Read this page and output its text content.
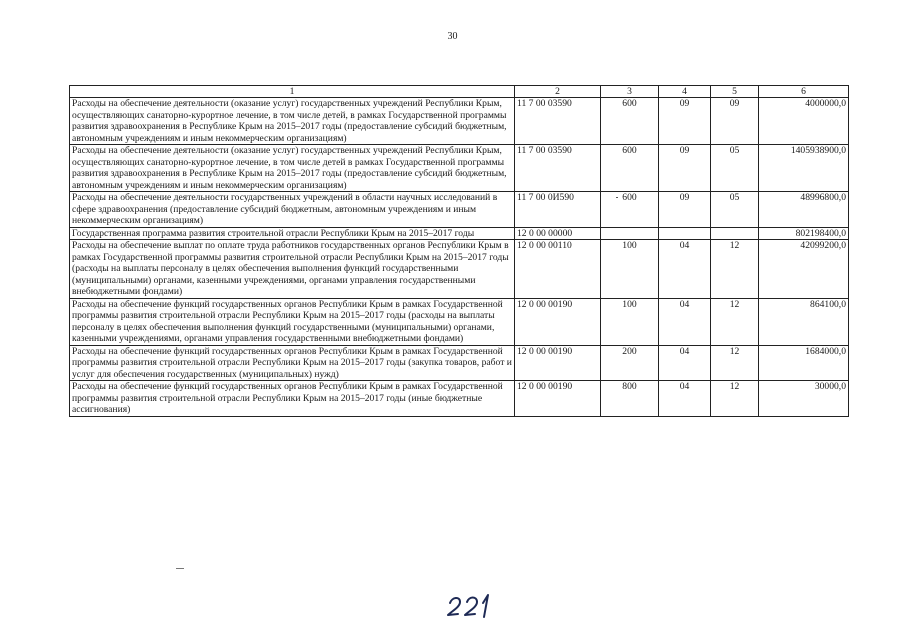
30
1	2	3	4	5	6
Расходы на обеспечение деятельности (оказание услуг) государственных учреждений Республики Крым, осуществляющих санаторно-курортное лечение, в том числе детей, в рамках Государственной программы развития здравоохранения в Республике Крым на 2015–2017 годы (предоставление субсидий бюджетным, автономным учреждениям и иным некоммерческим организациям)	11 7 00 03590	600	09	09	4000000,0
Расходы на обеспечение деятельности (оказание услуг) государственных учреждений Республики Крым, осуществляющих санаторно-курортное лечение, в том числе детей в рамках Государственной программы развития здравоохранения в Республике Крым на 2015–2017 годы (предоставление субсидий бюджетным, автономным учреждениям и иным некоммерческим организациям)	11 7 00 03590	600	09	05	1405938900,0
Расходы на обеспечение деятельности государственных учреждений в области научных исследований в сфере здравоохранения (предоставление субсидий бюджетным, автономным учреждениям и иным некоммерческим организациям)	11 7 00 0И590	600	09	05	48996800,0
Государственная программа развития строительной отрасли Республики Крым на 2015–2017 годы	12 0 00 00000				802198400,0
Расходы на обеспечение выплат по оплате труда работников государственных органов Республики Крым в рамках Государственной программы развития строительной отрасли Республики Крым на 2015–2017 годы (расходы на выплаты персоналу в целях обеспечения выполнения функций государственными (муниципальными) органами, казенными учреждениями, органами управления государственными внебюджетными фондами)	12 0 00 00110	100	04	12	42099200,0
Расходы на обеспечение функций государственных органов Республики Крым в рамках Государственной программы развития строительной отрасли Республики Крым на 2015–2017 годы (расходы на выплаты персоналу в целях обеспечения выполнения функций государственными (муниципальными) органами, казенными учреждениями, органами управления государственными внебюджетными фондами)	12 0 00 00190	100	04	12	864100,0
Расходы на обеспечение функций государственных органов Республики Крым в рамках Государственной программы развития строительной отрасли Республики Крым на 2015–2017 годы (закупка товаров, работ и услуг для обеспечения государственных (муниципальных) нужд)	12 0 00 00190	200	04	12	1684000,0
Расходы на обеспечение функций государственных органов Республики Крым в рамках Государственной программы развития строительной отрасли Республики Крым на 2015–2017 годы (иные бюджетные ассигнования)	12 0 00 00190	800	04	12	30000,0
